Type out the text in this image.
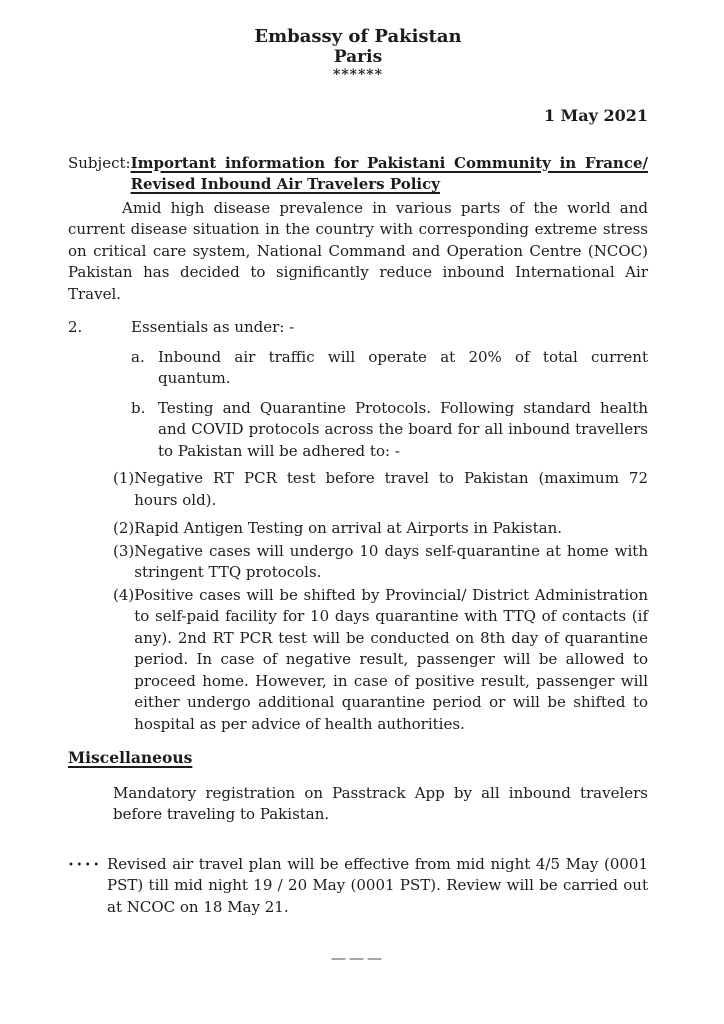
Embassy of Pakistan
Paris
******
1 May 2021
Subject: Important information for Pakistani Community in France/ Revised Inbound Air Travelers Policy

Amid high disease prevalence in various parts of the world and current disease situation in the country with corresponding extreme stress on critical care system, National Command and Operation Centre (NCOC) Pakistan has decided to significantly reduce inbound International Air Travel.

2.	Essentials as under: -
a. Inbound air traffic will operate at 20% of total current quantum.
b. Testing and Quarantine Protocols. Following standard health and COVID protocols across the board for all inbound travellers to Pakistan will be adhered to: -
(1) Negative RT PCR test before travel to Pakistan (maximum 72 hours old).
(2) Rapid Antigen Testing on arrival at Airports in Pakistan.
(3) Negative cases will undergo 10 days self-quarantine at home with stringent TTQ protocols.
(4) Positive cases will be shifted by Provincial/ District Administration to self-paid facility for 10 days quarantine with TTQ of contacts (if any). 2nd RT PCR test will be conducted on 8th day of quarantine period. In case of negative result, passenger will be allowed to proceed home. However, in case of positive result, passenger will either undergo additional quarantine period or will be shifted to hospital as per advice of health authorities.
Miscellaneous

Mandatory registration on Passtrack App by all inbound travelers before traveling to Pakistan.

•••• Revised air travel plan will be effective from mid night 4/5 May (0001 PST) till mid night 19 / 20 May (0001 PST). Review will be carried out at NCOC on 18 May 21.
———
